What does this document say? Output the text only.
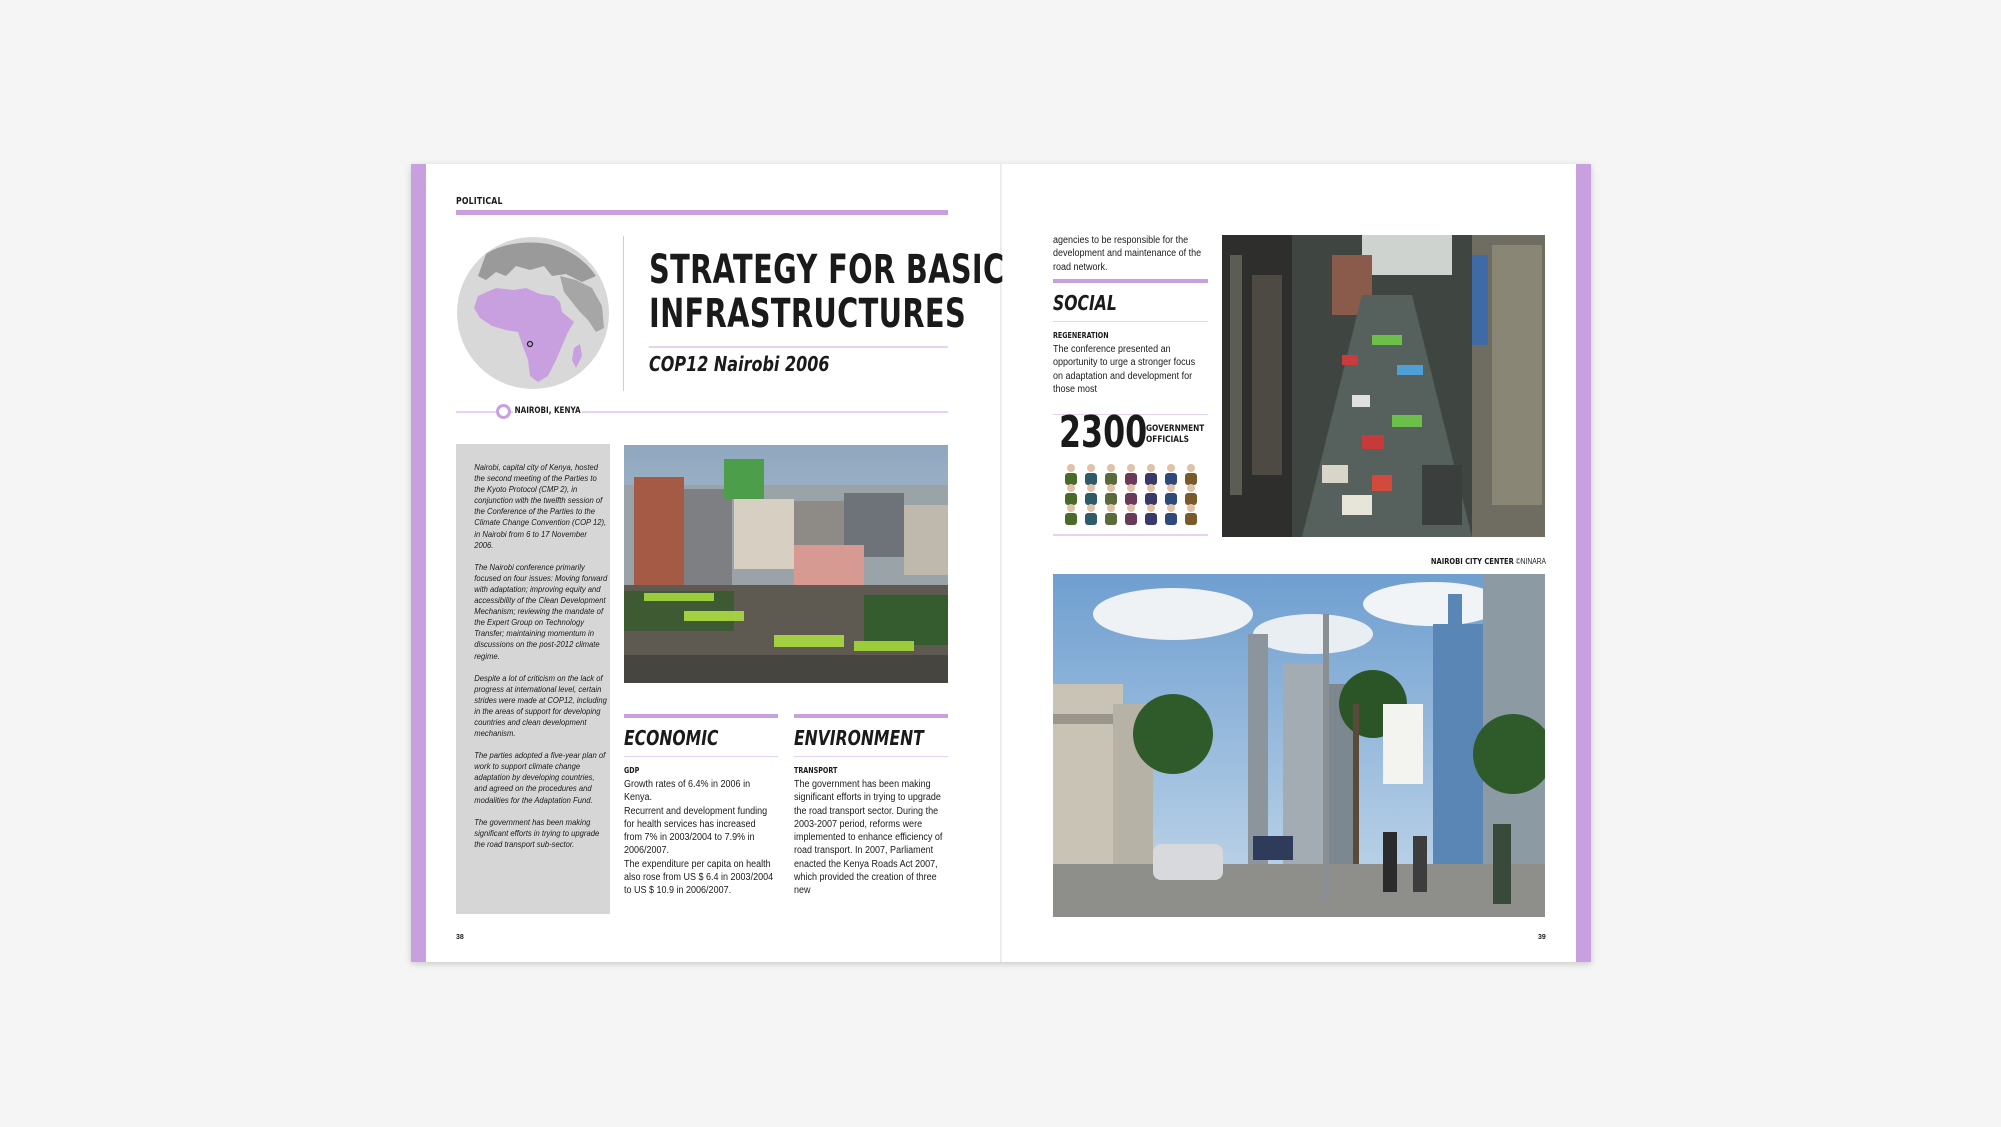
POLITICAL
STRATEGY FOR BASIC
INFRASTRUCTURES
COP12 Nairobi 2006
NAIROBI, KENYA

Nairobi, capital city of Kenya, hosted the second meeting of the Parties to the Kyoto Protocol (CMP 2), in conjunction with the twelfth session of the Conference of the Parties to the Climate Change Convention (COP 12), in Nairobi from 6 to 17 November 2006.

The Nairobi conference primarily focused on four issues: Moving forward with adaptation; improving equity and accessibility of the Clean Development Mechanism; reviewing the mandate of the Expert Group on Technology Transfer; maintaining momentum in discussions on the post-2012 climate regime.

Despite a lot of criticism on the lack of progress at international level, certain strides were made at COP12, including in the areas of support for developing countries and clean development mechanism.

The parties adopted a five-year plan of work to support climate change adaptation by developing countries, and agreed on the procedures and modalities for the Adaptation Fund.

The government has been making significant efforts in trying to upgrade the road transport sub-sector.

ECONOMIC
GDP

Growth rates of 6.4% in 2006 in Kenya.

Recurrent and development funding for health services has increased from 7% in 2003/2004 to 7.9% in 2006/2007.

The expenditure per capita on health also rose from US $ 6.4 in 2003/2004 to US $ 10.9 in 2006/2007.

ENVIRONMENT
TRANSPORT
The government has been making significant efforts in trying to upgrade the road transport sector. During the 2003-2007 period, reforms were implemented to enhance efficiency of road transport. In 2007, Parliament enacted the Kenya Roads Act 2007, which provided the creation of three new
38
agencies to be responsible for the development and maintenance of the road network.
SOCIAL
REGENERATION
The conference presented an opportunity to urge a stronger focus on adaptation and development for those most
2300
GOVERNMENT
OFFICIALS
NAIROBI CITY CENTER ©NINARA
39
